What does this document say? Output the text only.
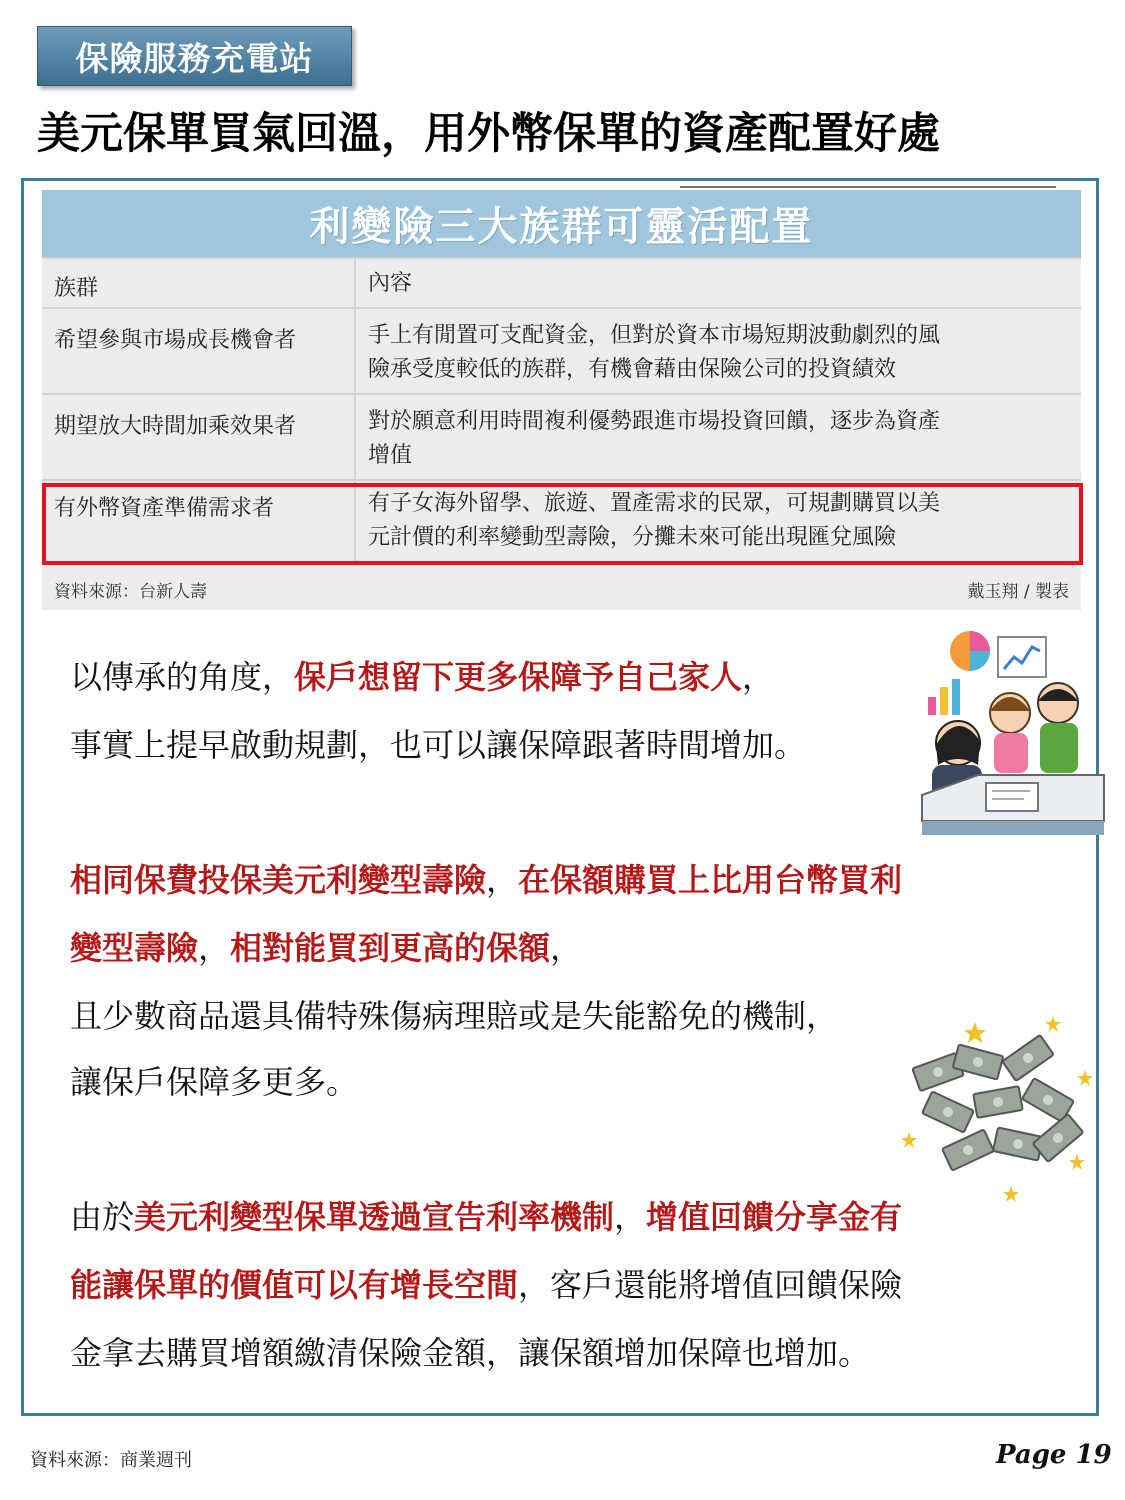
保險服務充電站
美元保單買氣回溫，用外幣保單的資產配置好處
利變險三大族群可靈活配置
族群	內容
希望參與市場成長機會者	手上有閒置可支配資金，但對於資本市場短期波動劇烈的風
險承受度較低的族群，有機會藉由保險公司的投資績效
期望放大時間加乘效果者	對於願意利用時間複利優勢跟進市場投資回饋，逐步為資產
增值
有外幣資產準備需求者	有子女海外留學、旅遊、置產需求的民眾，可規劃購買以美
元計價的利率變動型壽險，分攤未來可能出現匯兌風險
資料來源：台新人壽	戴玉翔 / 製表
以傳承的角度，保戶想留下更多保障予自己家人，
事實上提早啟動規劃，也可以讓保障跟著時間增加。
相同保費投保美元利變型壽險，在保額購買上比用台幣買利
變型壽險，相對能買到更高的保額，
且少數商品還具備特殊傷病理賠或是失能豁免的機制，
讓保戶保障多更多。
由於美元利變型保單透過宣告利率機制，增值回饋分享金有
能讓保單的價值可以有增長空間，客戶還能將增值回饋保險
金拿去購買增額繳清保險金額，讓保額增加保障也增加。
資料來源：商業週刊	Page 19
